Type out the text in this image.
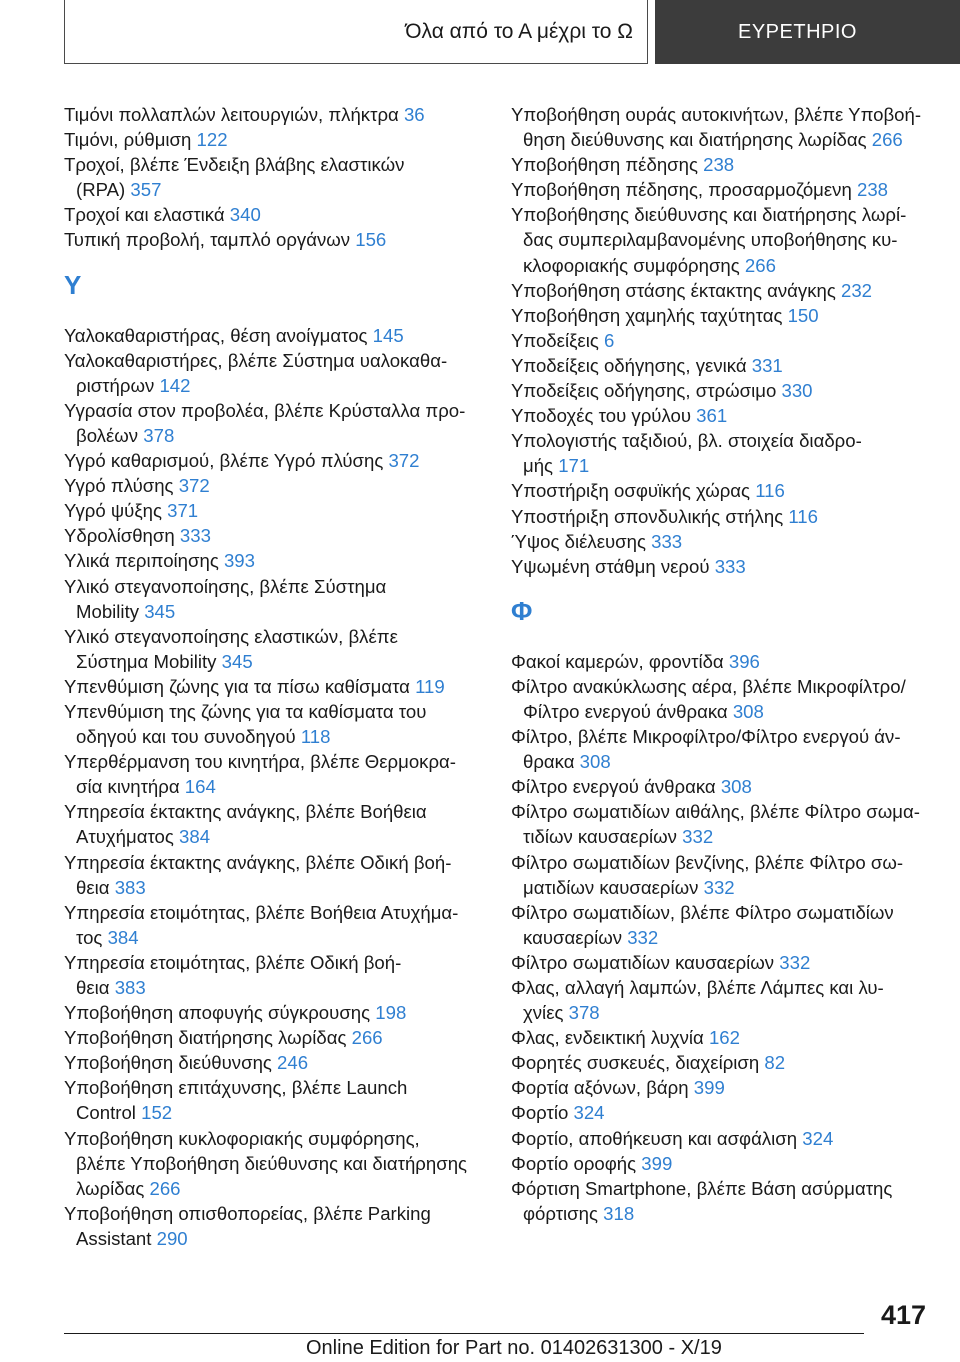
Όλα από το Α μέχρι το Ω	ΕΥΡΕΤΗΡΙΟ
Τιμόνι πολλαπλών λειτουργιών, πλήκτρα 36
Τιμόνι, ρύθμιση 122
Τροχοί, βλέπε Ένδειξη βλάβης ελαστικών
(RPA) 357
Τροχοί και ελαστικά 340
Τυπική προβολή, ταμπλό οργάνων 156
Υ
Υαλοκαθαριστήρας, θέση ανοίγματος 145
Υαλοκαθαριστήρες, βλέπε Σύστημα υαλοκαθα-
ριστήρων 142
Υγρασία στον προβολέα, βλέπε Κρύσταλλα προ-
βολέων 378
Υγρό καθαρισμού, βλέπε Υγρό πλύσης 372
Υγρό πλύσης 372
Υγρό ψύξης 371
Υδρολίσθηση 333
Υλικά περιποίησης 393
Υλικό στεγανοποίησης, βλέπε Σύστημα
Mobility 345
Υλικό στεγανοποίησης ελαστικών, βλέπε
Σύστημα Mobility 345
Υπενθύμιση ζώνης για τα πίσω καθίσματα 119
Υπενθύμιση της ζώνης για τα καθίσματα του
οδηγού και του συνοδηγού 118
Υπερθέρμανση του κινητήρα, βλέπε Θερμοκρα-
σία κινητήρα 164
Υπηρεσία έκτακτης ανάγκης, βλέπε Βοήθεια
Ατυχήματος 384
Υπηρεσία έκτακτης ανάγκης, βλέπε Οδική βοή-
θεια 383
Υπηρεσία ετοιμότητας, βλέπε Βοήθεια Ατυχήμα-
τος 384
Υπηρεσία ετοιμότητας, βλέπε Οδική βοή-
θεια 383
Υποβοήθηση αποφυγής σύγκρουσης 198
Υποβοήθηση διατήρησης λωρίδας 266
Υποβοήθηση διεύθυνσης 246
Υποβοήθηση επιτάχυνσης, βλέπε Launch
Control 152
Υποβοήθηση κυκλοφοριακής συμφόρησης,
βλέπε Υποβοήθηση διεύθυνσης και διατήρησης
λωρίδας 266
Υποβοήθηση οπισθοπορείας, βλέπε Parking
Assistant 290
Υποβοήθηση ουράς αυτοκινήτων, βλέπε Υποβοή-
θηση διεύθυνσης και διατήρησης λωρίδας 266
Υποβοήθηση πέδησης 238
Υποβοήθηση πέδησης, προσαρμοζόμενη 238
Υποβοήθησης διεύθυνσης και διατήρησης λωρί-
δας συμπεριλαμβανομένης υποβοήθησης κυ-
κλοφοριακής συμφόρησης 266
Υποβοήθηση στάσης έκτακτης ανάγκης 232
Υποβοήθηση χαμηλής ταχύτητας 150
Υποδείξεις 6
Υποδείξεις οδήγησης, γενικά 331
Υποδείξεις οδήγησης, στρώσιμο 330
Υποδοχές του γρύλου 361
Υπολογιστής ταξιδιού, βλ. στοιχεία διαδρο-
μής 171
Υποστήριξη οσφυϊκής χώρας 116
Υποστήριξη σπονδυλικής στήλης 116
Ύψος διέλευσης 333
Υψωμένη στάθμη νερού 333
Φ
Φακοί καμερών, φροντίδα 396
Φίλτρο ανακύκλωσης αέρα, βλέπε Μικροφίλτρο/
Φίλτρο ενεργού άνθρακα 308
Φίλτρο, βλέπε Μικροφίλτρο/Φίλτρο ενεργού άν-
θρακα 308
Φίλτρο ενεργού άνθρακα 308
Φίλτρο σωματιδίων αιθάλης, βλέπε Φίλτρο σωμα-
τιδίων καυσαερίων 332
Φίλτρο σωματιδίων βενζίνης, βλέπε Φίλτρο σω-
ματιδίων καυσαερίων 332
Φίλτρο σωματιδίων, βλέπε Φίλτρο σωματιδίων
καυσαερίων 332
Φίλτρο σωματιδίων καυσαερίων 332
Φλας, αλλαγή λαμπών, βλέπε Λάμπες και λυ-
χνίες 378
Φλας, ενδεικτική λυχνία 162
Φορητές συσκευές, διαχείριση 82
Φορτία αξόνων, βάρη 399
Φορτίο 324
Φορτίο, αποθήκευση και ασφάλιση 324
Φορτίο οροφής 399
Φόρτιση Smartphone, βλέπε Βάση ασύρματης
φόρτισης 318
417
Online Edition for Part no. 01402631300 - X/19
